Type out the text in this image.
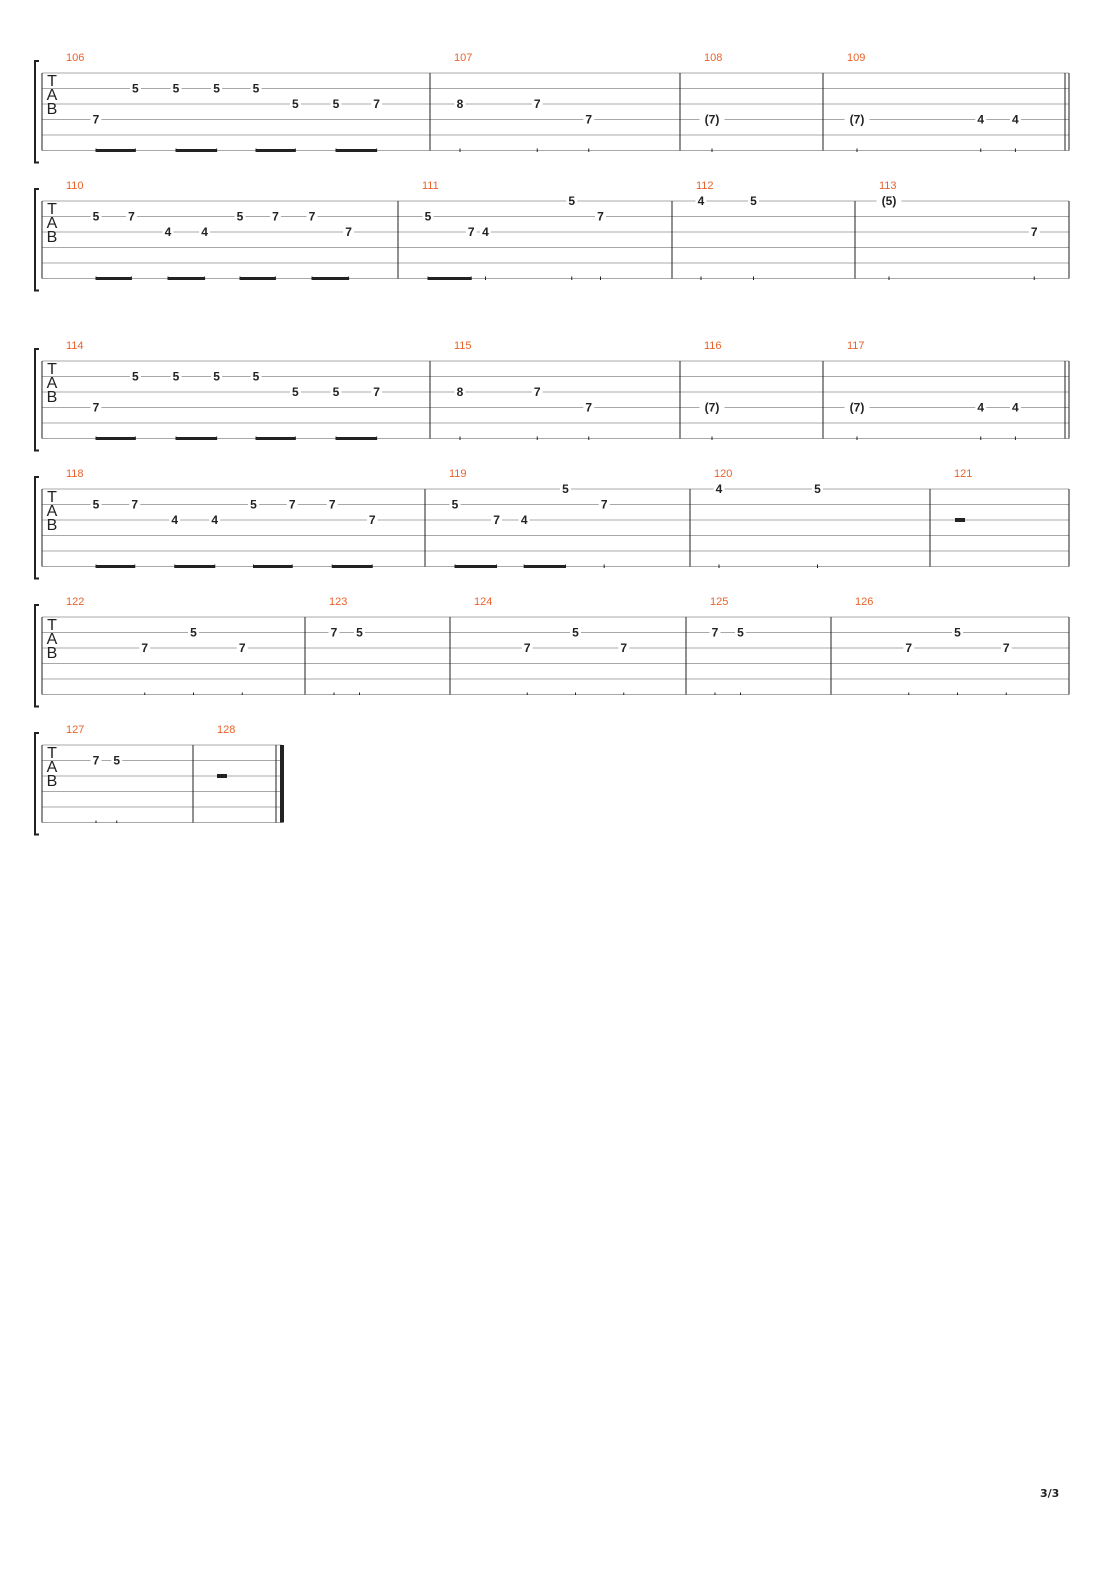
T
A
B
106
7
5	5	5	5
5	5	7
107
8	7
7
108
(7)
109
(7)	4 4
T
A
B
110
5 7
4 4
5 7 7
7
111
5
7 4
5
7
112
4	5
113
(5)
7
T
A
B
114
7
5	5	5	5
5	5	7
115
8	7
7
116
(7)
117
(7)	4 4
T
A
B
118
5	7
4	4
5	7	7
7
119
5
7 4
5
7
120
4	5
121
T
A
B
122
7
5
7
123
7 5
124
7
5
7
125
7 5
126
7
5
7
T
A
B
127
7 5
128
3/3
